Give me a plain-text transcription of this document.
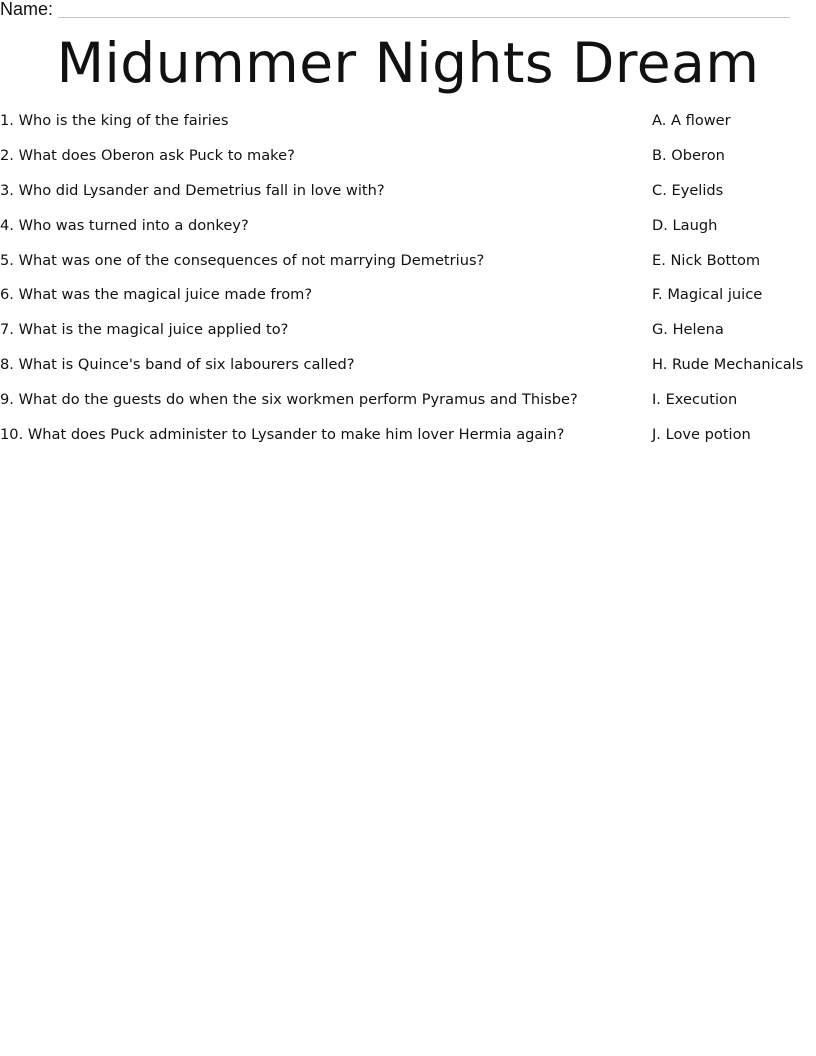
Name:
Midummer Nights Dream
1. Who is the king of the fairies
2. What does Oberon ask Puck to make?
3. Who did Lysander and Demetrius fall in love with?
4. Who was turned into a donkey?
5. What was one of the consequences of not marrying Demetrius?
6. What was the magical juice made from?
7. What is the magical juice applied to?
8. What is Quince's band of six labourers called?
9. What do the guests do when the six workmen perform Pyramus and Thisbe?
10. What does Puck administer to Lysander to make him lover Hermia again?
A. A flower
B. Oberon
C. Eyelids
D. Laugh
E. Nick Bottom
F. Magical juice
G. Helena
H. Rude Mechanicals
I. Execution
J. Love potion
